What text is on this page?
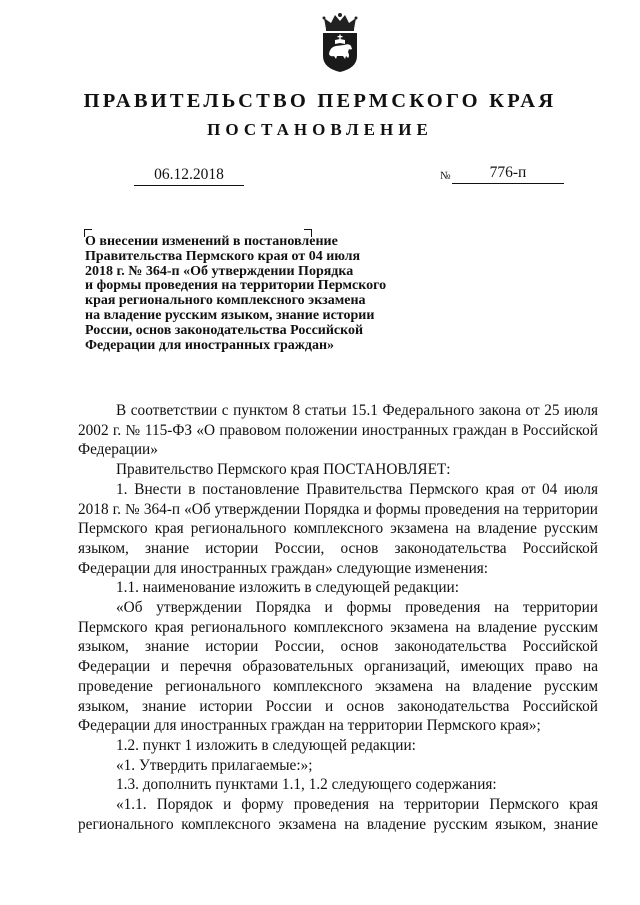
ПРАВИТЕЛЬСТВО ПЕРМСКОГО КРАЯ
ПОСТАНОВЛЕНИЕ
06.12.2018	№	776-п
О внесении изменений в постановление
Правительства Пермского края от 04 июля
2018 г. № 364-п «Об утверждении Порядка
и формы проведения на территории Пермского
края регионального комплексного экзамена
на владение русским языком, знание истории
России, основ законодательства Российской
Федерации для иностранных граждан»
В соответствии с пунктом 8 статьи 15.1 Федерального закона от 25 июля 2002 г. № 115-ФЗ «О правовом положении иностранных граждан в Российской Федерации»
Правительство Пермского края ПОСТАНОВЛЯЕТ:
1. Внести в постановление Правительства Пермского края от 04 июля 2018 г. № 364-п «Об утверждении Порядка и формы проведения на территории Пермского края регионального комплексного экзамена на владение русским языком, знание истории России, основ законодательства Российской Федерации для иностранных граждан» следующие изменения:
1.1. наименование изложить в следующей редакции:
«Об утверждении Порядка и формы проведения на территории Пермского края регионального комплексного экзамена на владение русским языком, знание истории России, основ законодательства Российской Федерации и перечня образовательных организаций, имеющих право на проведение регионального комплексного экзамена на владение русским языком, знание истории России и основ законодательства Российской Федерации для иностранных граждан на территории Пермского края»;
1.2. пункт 1 изложить в следующей редакции:
«1. Утвердить прилагаемые:»;
1.3. дополнить пунктами 1.1, 1.2 следующего содержания:
«1.1. Порядок и форму проведения на территории Пермского края регионального комплексного экзамена на владение русским языком, знание
